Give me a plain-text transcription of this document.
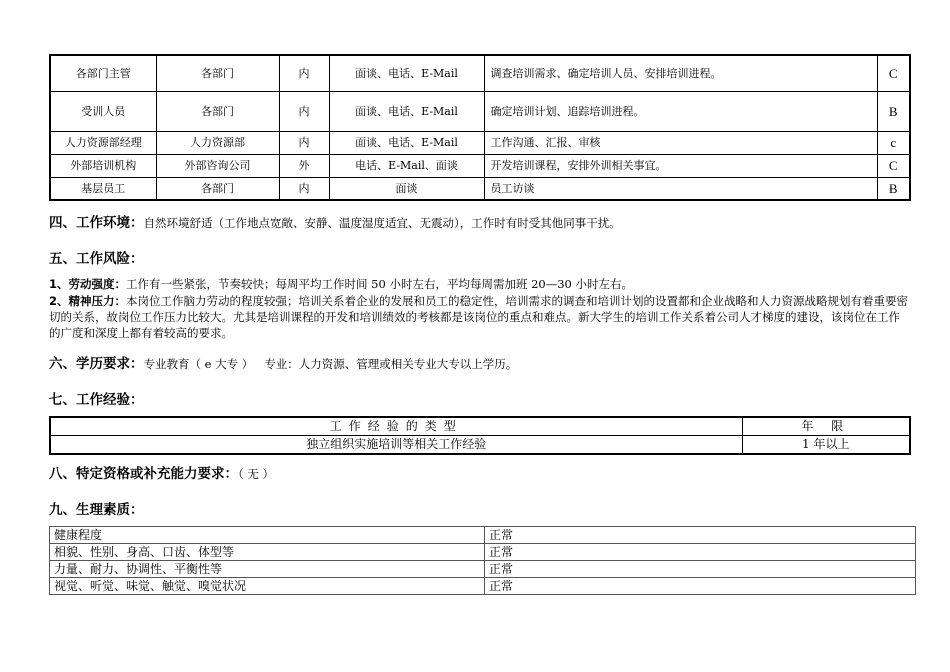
各部门主管	各部门	内	面谈、电话、E-Mail	调查培训需求、确定培训人员、安排培训进程。	C
受训人员	各部门	内	面谈、电话、E-Mail	确定培训计划、追踪培训进程。	B
人力资源部经理	人力资源部	内	面谈、电话、E-Mail	工作沟通、汇报、审核	c
外部培训机构	外部咨询公司	外	电话、E-Mail、面谈	开发培训课程，安排外训相关事宜。	C
基层员工	各部门	内	面谈	员工访谈	B
四、工作环境：自然环境舒适（工作地点宽敞、安静、温度湿度适宜、无震动），工作时有时受其他同事干扰。
五、工作风险：
1、劳动强度：工作有一些紧张，节奏较快；每周平均工作时间 50 小时左右，平均每周需加班 20—30 小时左右。
2、精神压力：本岗位工作脑力劳动的程度较强；培训关系着企业的发展和员工的稳定性，培训需求的调查和培训计划的设置都和企业战略和人力资源战略规划有着重要密切的关系，故岗位工作压力比较大。尤其是培训课程的开发和培训绩效的考核都是该岗位的重点和难点。新大学生的培训工作关系着公司人才梯度的建设，该岗位在工作的广度和深度上都有着较高的要求。
六、学历要求：专业教育（ e 大专 ）   专业：人力资源、管理或相关专业大专以上学历。
七、工作经验：
工作经验的类型	年 限
独立组织实施培训等相关工作经验	1 年以上
八、特定资格或补充能力要求：（ 无 ）
九、生理素质：
健康程度	正常
相貌、性别、身高、口齿、体型等	正常
力量、耐力、协调性、平衡性等	正常
视觉、听觉、味觉、触觉、嗅觉状况	正常
